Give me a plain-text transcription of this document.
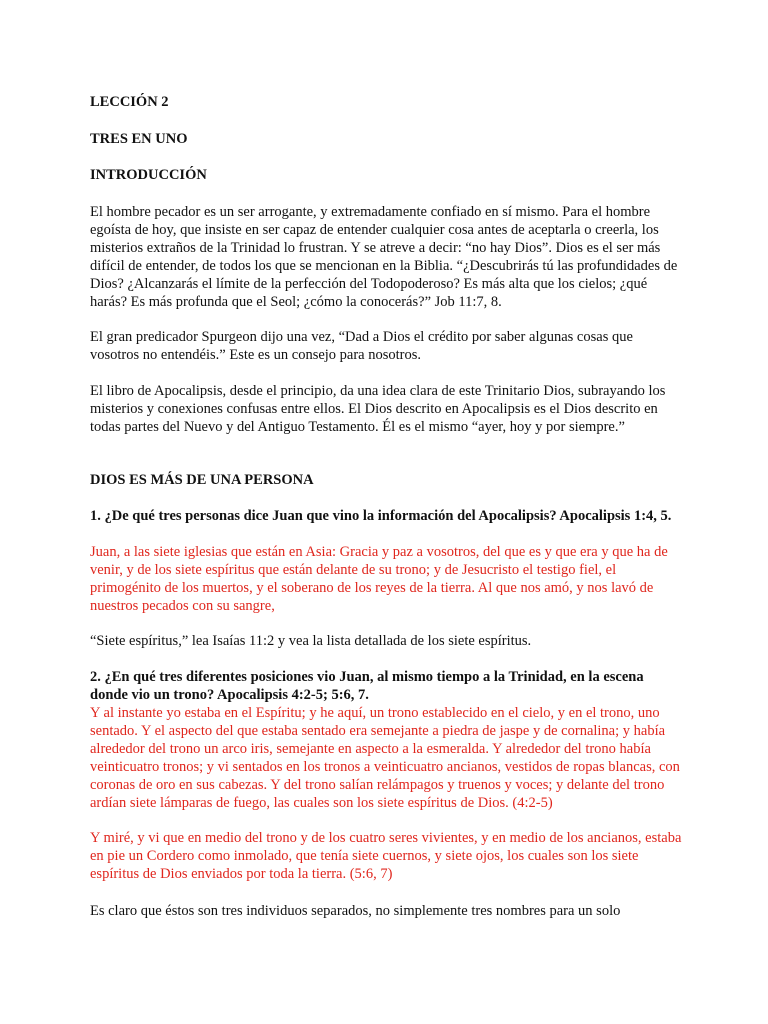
LECCIÓN 2

TRES EN UNO

INTRODUCCIÓN

El hombre pecador es un ser arrogante, y extremadamente confiado en sí mismo. Para el hombre egoísta de hoy, que insiste en ser capaz de entender cualquier cosa antes de aceptarla o creerla, los misterios extraños de la Trinidad lo frustran. Y se atreve a decir: “no hay Dios”. Dios es el ser más difícil de entender, de todos los que se mencionan en la Biblia. “¿Descubrirás tú las profundidades de Dios? ¿Alcanzarás el límite de la perfección del Todopoderoso? Es más alta que los cielos; ¿qué harás? Es más profunda que el Seol; ¿cómo la conocerás?” Job 11:7, 8.

El gran predicador Spurgeon dijo una vez, “Dad a Dios el crédito por saber algunas cosas que vosotros no entendéis.” Este es un consejo para nosotros.

El libro de Apocalipsis, desde el principio, da una idea clara de este Trinitario Dios, subrayando los misterios y conexiones confusas entre ellos. El Dios descrito en Apocalipsis es el Dios descrito en todas partes del Nuevo y del Antiguo Testamento. Él es el mismo “ayer, hoy y por siempre.”

DIOS ES MÁS DE UNA PERSONA

1. ¿De qué tres personas dice Juan que vino la información del Apocalipsis? Apocalipsis 1:4, 5.

Juan, a las siete iglesias que están en Asia: Gracia y paz a vosotros, del que es y que era y que ha de venir, y de los siete espíritus que están delante de su trono; y de Jesucristo el testigo fiel, el primogénito de los muertos, y el soberano de los reyes de la tierra. Al que nos amó, y nos lavó de nuestros pecados con su sangre,

“Siete espíritus,” lea Isaías 11:2 y vea la lista detallada de los siete espíritus.

2. ¿En qué tres diferentes posiciones vio Juan, al mismo tiempo a la Trinidad, en la escena donde vio un trono? Apocalipsis 4:2-5; 5:6, 7.

Y al instante yo estaba en el Espíritu; y he aquí, un trono establecido en el cielo, y en el trono, uno sentado. Y el aspecto del que estaba sentado era semejante a piedra de jaspe y de cornalina; y había alrededor del trono un arco iris, semejante en aspecto a la esmeralda. Y alrededor del trono había veinticuatro tronos; y vi sentados en los tronos a veinticuatro ancianos, vestidos de ropas blancas, con coronas de oro en sus cabezas. Y del trono salían relámpagos y truenos y voces; y delante del trono ardían siete lámparas de fuego, las cuales son los siete espíritus de Dios. (4:2-5)

Y miré, y vi que en medio del trono y de los cuatro seres vivientes, y en medio de los ancianos, estaba en pie un Cordero como inmolado, que tenía siete cuernos, y siete ojos, los cuales son los siete espíritus de Dios enviados por toda la tierra. (5:6, 7)

Es claro que éstos son tres individuos separados, no simplemente tres nombres para un solo
